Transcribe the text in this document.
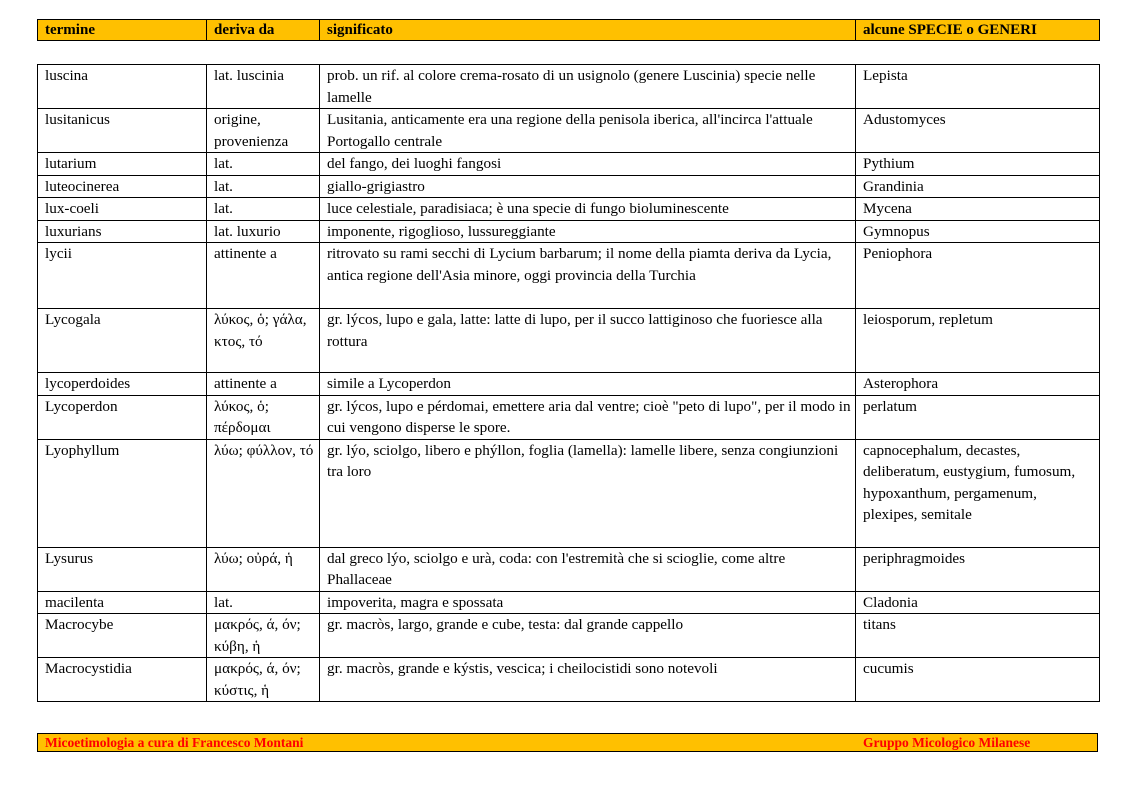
termine	deriva da	significato	alcune SPECIE o GENERI
luscina	lat. luscinia	prob. un rif. al colore crema-rosato di un usignolo (genere Luscinia) specie nelle lamelle	Lepista
lusitanicus	origine, provenienza	Lusitania, anticamente era una regione della penisola iberica, all'incirca l'attuale Portogallo centrale	Adustomyces
lutarium	lat.	del fango, dei luoghi fangosi	Pythium
luteocinerea	lat.	giallo-grigiastro	Grandinia
lux-coeli	lat.	luce celestiale, paradisiaca; è una specie di fungo bioluminescente	Mycena
luxurians	lat. luxurio	imponente, rigoglioso, lussureggiante	Gymnopus
lycii	attinente a	ritrovato su rami secchi di Lycium barbarum; il nome della piamta deriva da Lycia, antica regione dell'Asia minore, oggi provincia della Turchia	Peniophora
Lycogala	λύκος, ὁ; γάλα, κτος, τό	gr. lýcos, lupo e gala, latte: latte di lupo, per il succo lattiginoso che fuoriesce alla rottura	leiosporum, repletum
lycoperdoides	attinente a	simile a Lycoperdon	Asterophora
Lycoperdon	λύκος, ὁ; πέρδομαι	gr. lýcos, lupo e pérdomai, emettere aria dal ventre; cioè "peto di lupo", per il modo in cui vengono disperse le spore.	perlatum
Lyophyllum	λύω; φύλλον, τό	gr. lýo, sciolgo, libero e phýllon, foglia (lamella): lamelle libere, senza congiunzioni tra loro	capnocephalum, decastes, deliberatum, eustygium, fumosum, hypoxanthum, pergamenum, plexipes, semitale
Lysurus	λύω; οὐρά, ἡ	dal greco lýo, sciolgo e urà, coda: con l'estremità che si scioglie, come altre Phallaceae	periphragmoides
macilenta	lat.	impoverita, magra e spossata	Cladonia
Macrocybe	μακρός, ά, όν; κύβη, ἡ	gr. macròs, largo, grande e cube, testa: dal grande cappello	titans
Macrocystidia	μακρός, ά, όν; κύστις, ἡ	gr. macròs, grande e kýstis, vescica; i cheilocistidi sono notevoli	cucumis
Micoetimologia a cura di Francesco Montani	Gruppo Micologico Milanese
